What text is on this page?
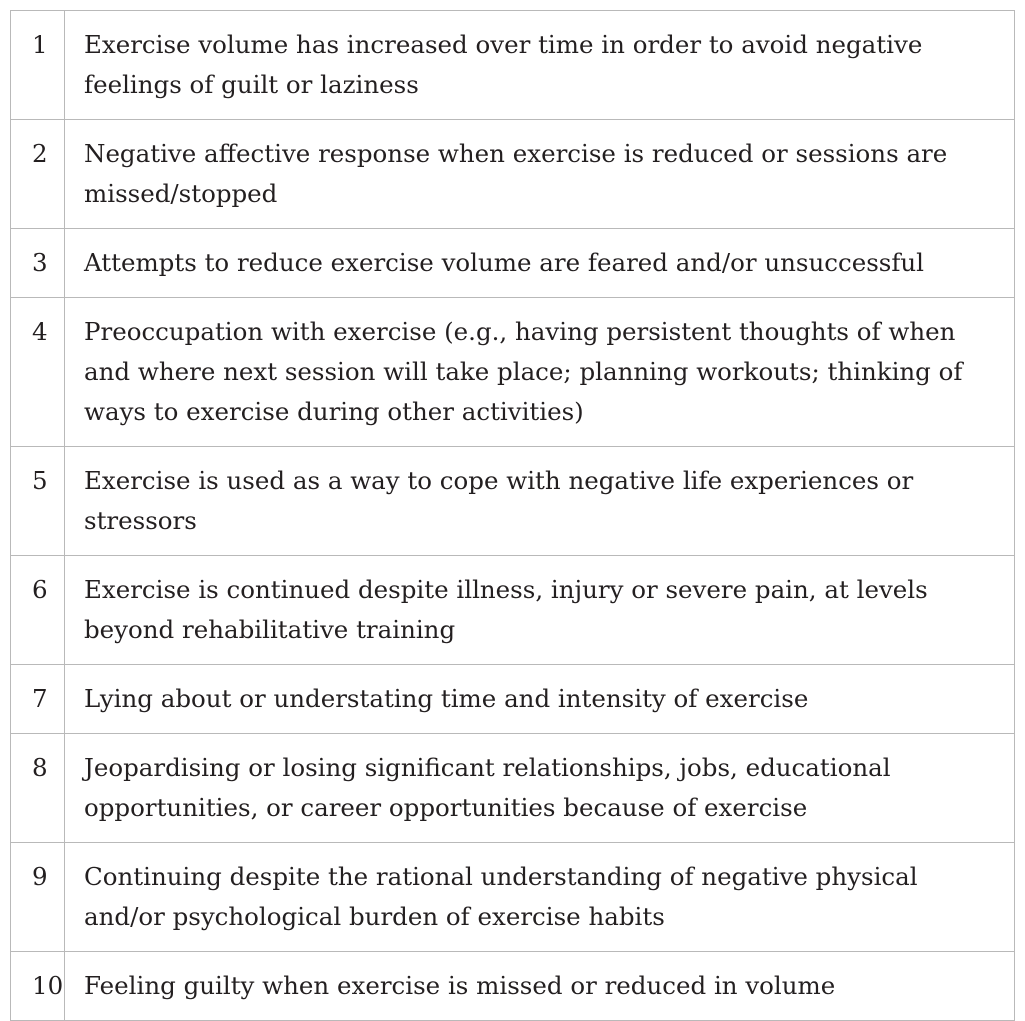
1	Exercise volume has increased over time in order to avoid negative feelings of guilt or laziness
2	Negative affective response when exercise is reduced or sessions are missed/stopped
3	Attempts to reduce exercise volume are feared and/or unsuccessful
4	Preoccupation with exercise (e.g., having persistent thoughts of when and where next session will take place; planning workouts; thinking of ways to exercise during other activities)
5	Exercise is used as a way to cope with negative life experiences or stressors
6	Exercise is continued despite illness, injury or severe pain, at levels beyond rehabilitative training
7	Lying about or understating time and intensity of exercise
8	Jeopardising or losing significant relationships, jobs, educational opportunities, or career opportunities because of exercise
9	Continuing despite the rational understanding of negative physical and/or psychological burden of exercise habits
10	Feeling guilty when exercise is missed or reduced in volume
